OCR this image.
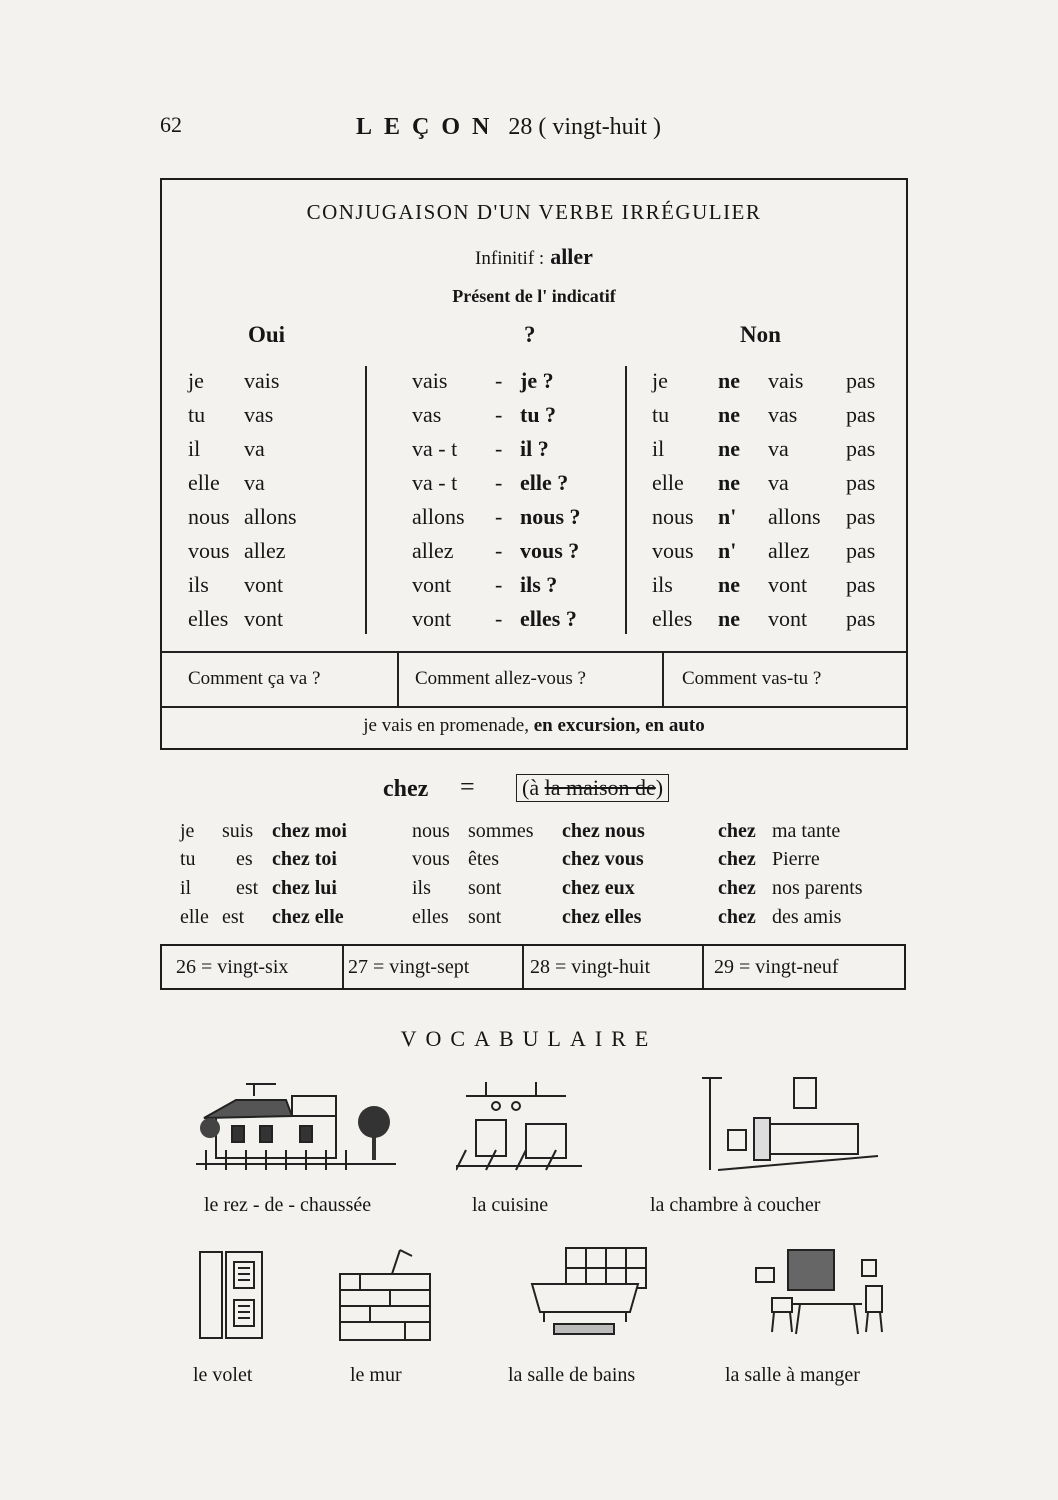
62	LEÇON 28 ( vingt-huit )
CONJUGAISON D'UN VERBE IRRÉGULIER
Infinitif : aller
Présent de l' indicatif
Oui	?	Non
je vais	vais - je ?	je ne vais pas
tu vas	vas - tu ?	tu ne vas pas
il va	va - t - il ?	il ne va	pas
elle va	va - t - elle ?	elle ne va	pas
nous allons	allons - nous ?	nous n' allons pas
vous allez	allez - vous ?	vous n' allez pas
ils vont	vont - ils ?	ils ne vont pas
elles vont	vont - elles ?	elles ne vont pas
Comment ça va ?	Comment allez-vous ?	Comment vas-tu ?
je vais en promenade, en excursion, en auto
chez = (à la maison de)
je suis chez moi	nous sommes chez nous	chez ma tante
tu es chez toi	vous êtes	chez vous	chez Pierre
il est chez lui	ils sont	chez eux	chez nos parents
elle est chez elle	elles sont	chez elles	chez des amis
26 = vingt-six	27 = vingt-sept	28 = vingt-huit	29 = vingt-neuf
VOCABULAIRE
le rez - de - chaussée	la cuisine	la chambre à coucher
le volet	le mur	la salle de bains	la salle à manger
